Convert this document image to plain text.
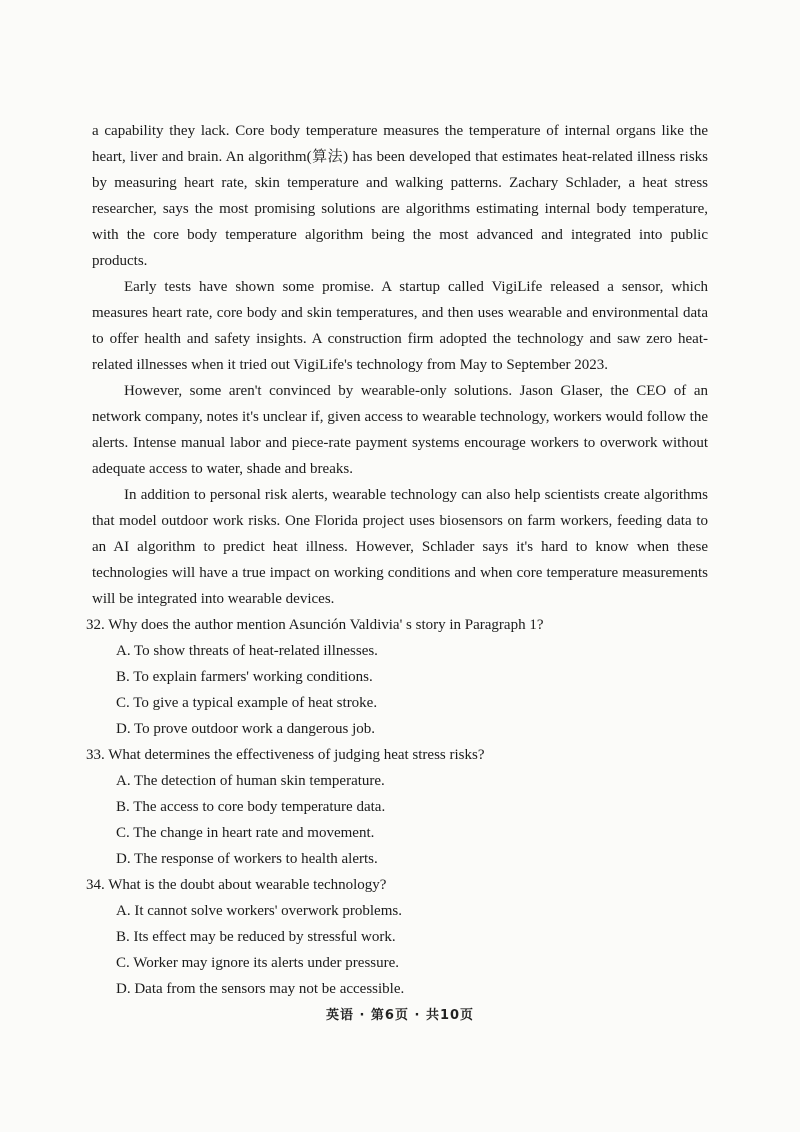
a capability they lack. Core body temperature measures the temperature of internal organs like the heart, liver and brain. An algorithm(算法) has been developed that estimates heat-related illness risks by measuring heart rate, skin temperature and walking patterns. Zachary Schlader, a heat stress researcher, says the most promising solutions are algorithms estimating internal body temperature, with the core body temperature algorithm being the most advanced and integrated into public products.

Early tests have shown some promise. A startup called VigiLife released a sensor, which measures heart rate, core body and skin temperatures, and then uses wearable and environmental data to offer health and safety insights. A construction firm adopted the technology and saw zero heat-related illnesses when it tried out VigiLife's technology from May to September 2023.

However, some aren't convinced by wearable-only solutions. Jason Glaser, the CEO of an network company, notes it's unclear if, given access to wearable technology, workers would follow the alerts. Intense manual labor and piece-rate payment systems encourage workers to overwork without adequate access to water, shade and breaks.

In addition to personal risk alerts, wearable technology can also help scientists create algorithms that model outdoor work risks. One Florida project uses biosensors on farm workers, feeding data to an AI algorithm to predict heat illness. However, Schlader says it's hard to know when these technologies will have a true impact on working conditions and when core temperature measurements will be integrated into wearable devices.

32. Why does the author mention Asunción Valdivia' s story in Paragraph 1?

A. To show threats of heat-related illnesses.

B. To explain farmers' working conditions.

C. To give a typical example of heat stroke.

D. To prove outdoor work a dangerous job.

33. What determines the effectiveness of judging heat stress risks?

A. The detection of human skin temperature.

B. The access to core body temperature data.

C. The change in heart rate and movement.

D. The response of workers to health alerts.

34. What is the doubt about wearable technology?

A. It cannot solve workers' overwork problems.

B. Its effect may be reduced by stressful work.

C. Worker may ignore its alerts under pressure.

D. Data from the sensors may not be accessible.

英语 · 第6页 · 共10页
